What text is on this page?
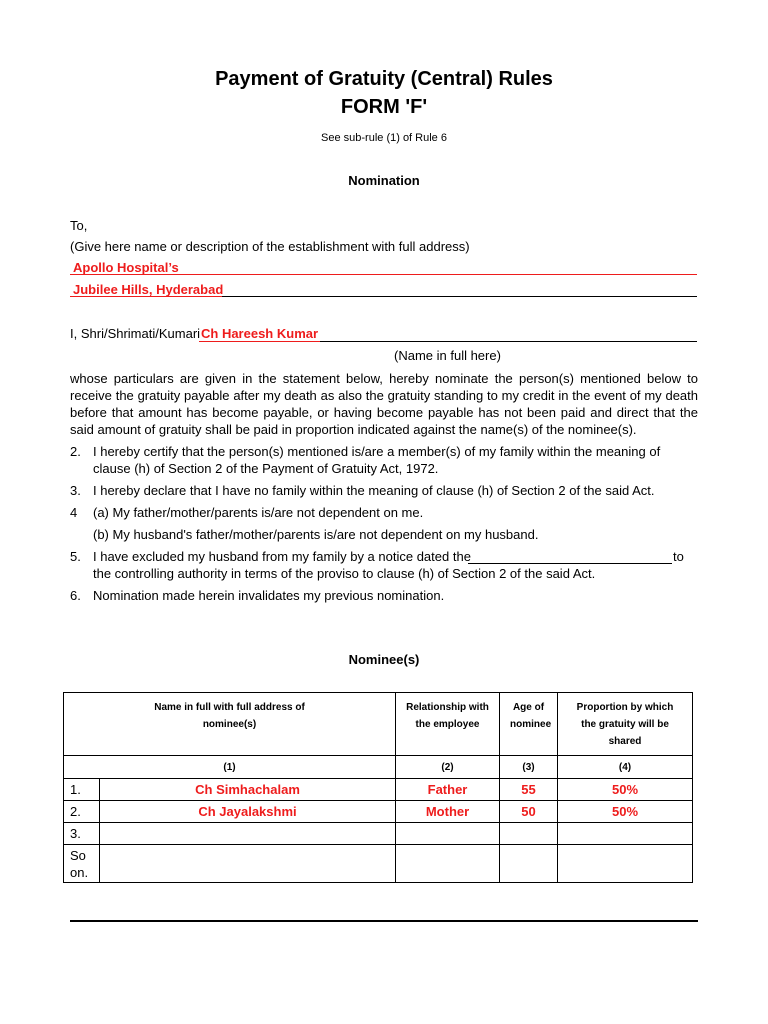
Payment of Gratuity (Central) Rules
FORM 'F'
See sub-rule (1) of Rule 6
Nomination
To,
(Give here name or description of the establishment with full address)
Apollo Hospital’s
Jubilee Hills, Hyderabad
I, Shri/Shrimati/Kumari Ch Hareesh Kumar
(Name in full here)
whose particulars are given in the statement below, hereby nominate the person(s) mentioned below to receive the gratuity payable after my death as also the gratuity standing to my credit in the event of my death before that amount has become payable, or having become payable has not been paid and direct that the said amount of gratuity shall be paid in proportion indicated against the name(s) of the nominee(s).
2. I hereby certify that the person(s) mentioned is/are a member(s) of my family within the meaning of clause (h) of Section 2 of the Payment of Gratuity Act, 1972.
3. I hereby declare that I have no family within the meaning of clause (h) of Section 2 of the said Act.
4 (a) My father/mother/parents is/are not dependent on me.
(b) My husband's father/mother/parents is/are not dependent on my husband.
5. I have excluded my husband from my family by a notice dated the	to
the controlling authority in terms of the proviso to clause (h) of Section 2 of the said Act.
6. Nomination made herein invalidates my previous nomination.
Nominee(s)
Name in full with full address of nominee(s)		Relationship with the employee	Age of nominee	Proportion by which the gratuity will be shared

(1)		(2)	(3)	(4)
1.	Ch Simhachalam	Father	55	50%
2.	Ch Jayalakshmi	Mother	50	50%
3.				
So on.				
